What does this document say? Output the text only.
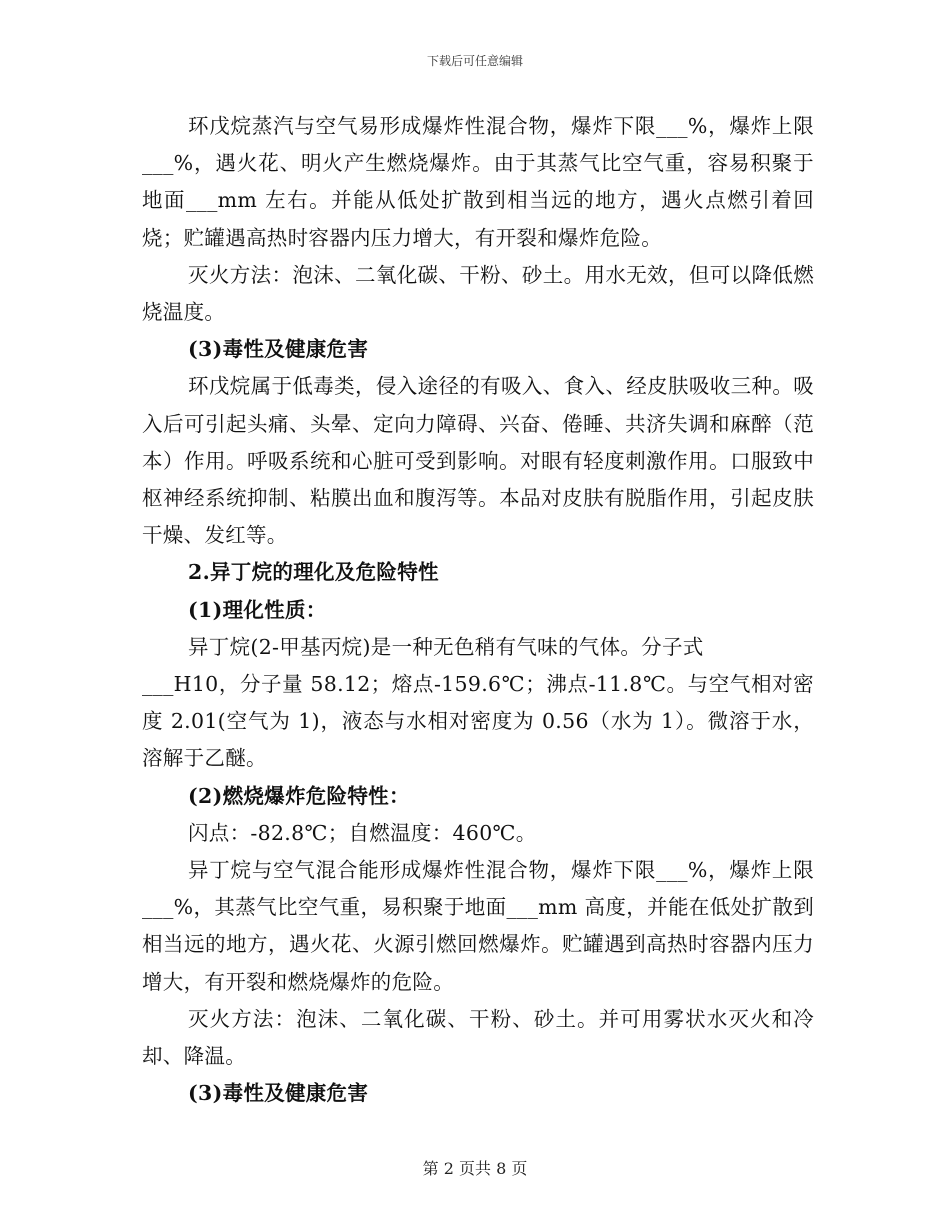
下载后可任意编辑

环戊烷蒸汽与空气易形成爆炸性混合物，爆炸下限___%，爆炸上限___%，遇火花、明火产生燃烧爆炸。由于其蒸气比空气重，容易积聚于地面___mm 左右。并能从低处扩散到相当远的地方，遇火点燃引着回烧；贮罐遇高热时容器内压力增大，有开裂和爆炸危险。

灭火方法：泡沫、二氧化碳、干粉、砂土。用水无效，但可以降低燃烧温度。

(3)毒性及健康危害

环戊烷属于低毒类，侵入途径的有吸入、食入、经皮肤吸收三种。吸入后可引起头痛、头晕、定向力障碍、兴奋、倦睡、共济失调和麻醉（范本）作用。呼吸系统和心脏可受到影响。对眼有轻度刺激作用。口服致中枢神经系统抑制、粘膜出血和腹泻等。本品对皮肤有脱脂作用，引起皮肤干燥、发红等。

2.异丁烷的理化及危险特性

(1)理化性质：

异丁烷(2-甲基丙烷)是一种无色稍有气味的气体。分子式

___H10，分子量 58.12；熔点-159.6℃；沸点-11.8℃。与空气相对密度 2.01(空气为 1)，液态与水相对密度为 0.56（水为 1）。微溶于水，溶解于乙醚。

(2)燃烧爆炸危险特性：

闪点：-82.8℃；自燃温度：460℃。

异丁烷与空气混合能形成爆炸性混合物，爆炸下限___%，爆炸上限___%，其蒸气比空气重，易积聚于地面___mm 高度，并能在低处扩散到相当远的地方，遇火花、火源引燃回燃爆炸。贮罐遇到高热时容器内压力增大，有开裂和燃烧爆炸的危险。

灭火方法：泡沫、二氧化碳、干粉、砂土。并可用雾状水灭火和冷却、降温。

(3)毒性及健康危害

第 2 页共 8 页
